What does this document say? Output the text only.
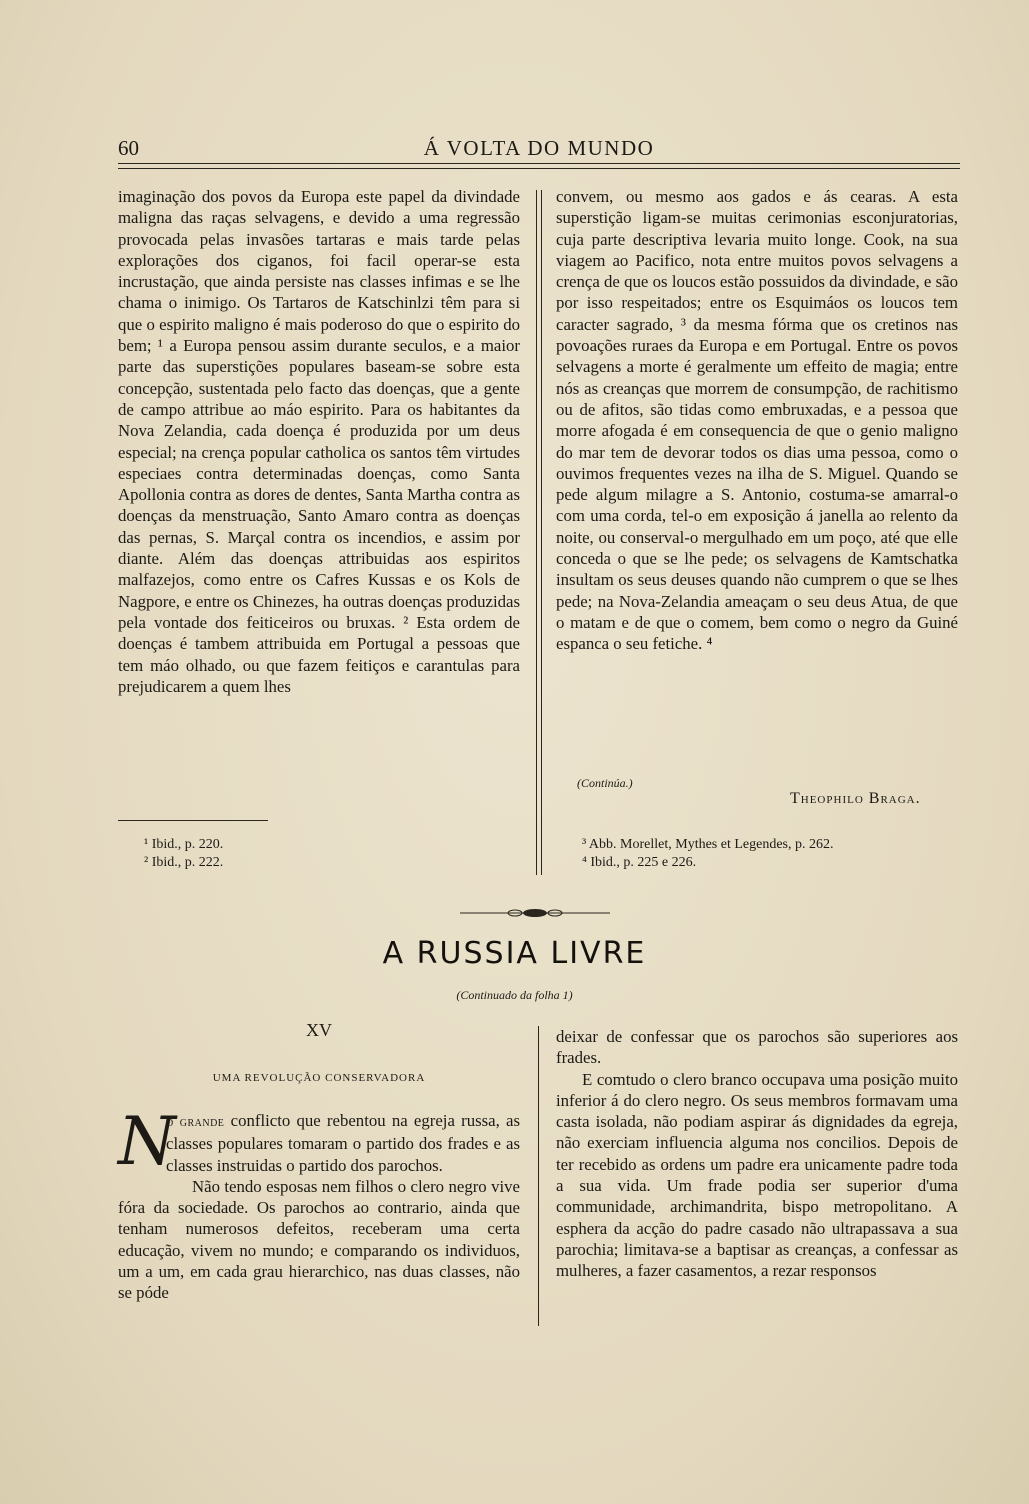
60	Á VOLTA DO MUNDO

imaginação dos povos da Europa este papel da divindade maligna das raças selvagens, e devido a uma regressão provocada pelas invasões tartaras e mais tarde pelas explorações dos ciganos, foi facil operar-se esta incrustação, que ainda persiste nas classes infimas e se lhe chama o inimigo. Os Tartaros de Katschinlzi têm para si que o espirito maligno é mais poderoso do que o espirito do bem; ¹ a Europa pensou assim durante seculos, e a maior parte das superstições populares baseam-se sobre esta concepção, sustentada pelo facto das doenças, que a gente de campo attribue ao máo espirito. Para os habitantes da Nova Zelandia, cada doença é produzida por um deus especial; na crença popular catholica os santos têm virtudes especiaes contra determinadas doenças, como Santa Apollonia contra as dores de dentes, Santa Martha contra as doenças da menstruação, Santo Amaro contra as doenças das pernas, S. Marçal contra os incendios, e assim por diante. Além das doenças attribuidas aos espiritos malfazejos, como entre os Cafres Kussas e os Kols de Nagpore, e entre os Chinezes, ha outras doenças produzidas pela vontade dos feiticeiros ou bruxas. ² Esta ordem de doenças é tambem attribuida em Portugal a pessoas que tem máo olhado, ou que fazem feitiços e carantulas para prejudicarem a quem lhes

convem, ou mesmo aos gados e ás cearas. A esta superstição ligam-se muitas cerimonias esconjuratorias, cuja parte descriptiva levaria muito longe. Cook, na sua viagem ao Pacifico, nota entre muitos povos selvagens a crença de que os loucos estão possuidos da divindade, e são por isso respeitados; entre os Esquimáos os loucos tem caracter sagrado, ³ da mesma fórma que os cretinos nas povoações ruraes da Europa e em Portugal. Entre os povos selvagens a morte é geralmente um effeito de magia; entre nós as creanças que morrem de consumpção, de rachitismo ou de afitos, são tidas como embruxadas, e a pessoa que morre afogada é em consequencia de que o genio maligno do mar tem de devorar todos os dias uma pessoa, como o ouvimos frequentes vezes na ilha de S. Miguel. Quando se pede algum milagre a S. Antonio, costuma-se amarral-o com uma corda, tel-o em exposição á janella ao relento da noite, ou conserval-o mergulhado em um poço, até que elle conceda o que se lhe pede; os selvagens de Kamtschatka insultam os seus deuses quando não cumprem o que se lhes pede; na Nova-Zelandia ameaçam o seu deus Atua, de que o matam e de que o comem, bem como o negro da Guiné espanca o seu fetiche. ⁴

(Continúa.)
Theophilo Braga.
¹ Ibid., p. 220.
² Ibid., p. 222.
³ Abb. Morellet, Mythes et Legendes, p. 262.
⁴ Ibid., p. 225 e 226.
A RUSSIA LIVRE
(Continuado da folha 1)
XV
UMA REVOLUÇÃO CONSERVADORA

N
o grande conflicto que rebentou na egreja russa, as classes populares tomaram o partido dos frades e as classes instruidas o partido dos parochos.

Não tendo esposas nem filhos o clero negro vive fóra da sociedade. Os parochos ao contrario, ainda que tenham numerosos defeitos, receberam uma certa educação, vivem no mundo; e comparando os individuos, um a um, em cada grau hierarchico, nas duas classes, não se póde

deixar de confessar que os parochos são superiores aos frades.

E comtudo o clero branco occupava uma posição muito inferior á do clero negro. Os seus membros formavam uma casta isolada, não podiam aspirar ás dignidades da egreja, não exerciam influencia alguma nos concilios. Depois de ter recebido as ordens um padre era unicamente padre toda a sua vida. Um frade podia ser superior d'uma communidade, archimandrita, bispo metropolitano. A esphera da acção do padre casado não ultrapassava a sua parochia; limitava-se a baptisar as creanças, a confessar as mulheres, a fazer casamentos, a rezar responsos
